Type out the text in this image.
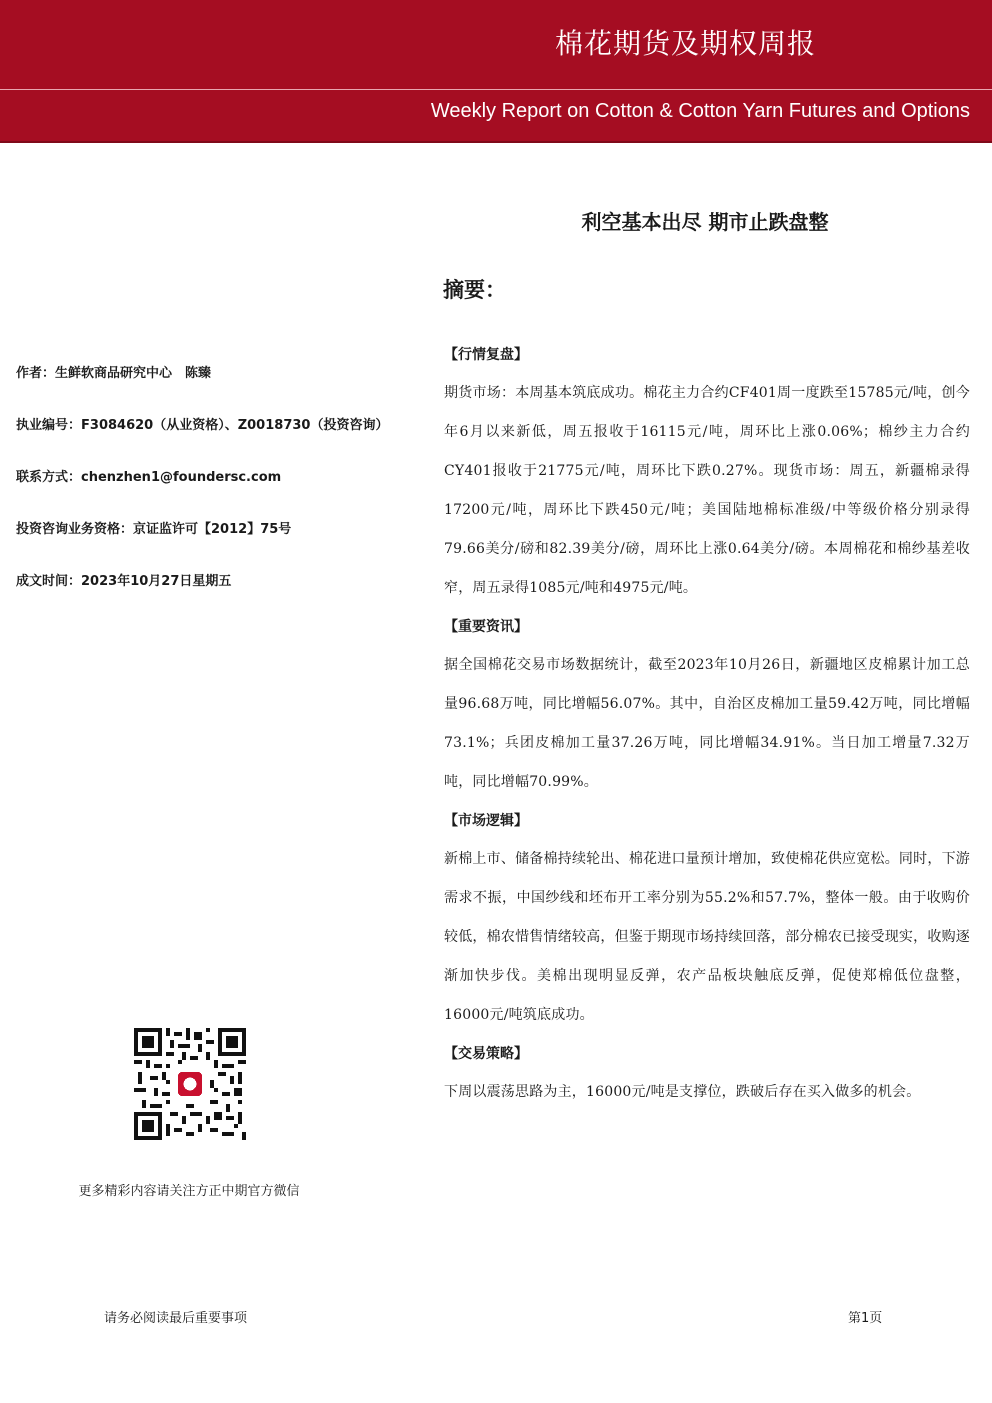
棉花期货及期权周报
Weekly Report on Cotton & Cotton Yarn Futures and Options
利空基本出尽 期市止跌盘整
摘要：
作者：生鲜软商品研究中心　陈臻
执业编号：F3084620（从业资格）、Z0018730（投资咨询）
联系方式：chenzhen1@foundersc.com
投资咨询业务资格：京证监许可【2012】75号
成文时间：2023年10月27日星期五
【行情复盘】

期货市场：本周基本筑底成功。棉花主力合约CF401周一度跌至15785元/吨，创今年6月以来新低，周五报收于16115元/吨，周环比上涨0.06%；棉纱主力合约CY401报收于21775元/吨，周环比下跌0.27%。现货市场：周五，新疆棉录得17200元/吨，周环比下跌450元/吨；美国陆地棉标准级/中等级价格分别录得79.66美分/磅和82.39美分/磅，周环比上涨0.64美分/磅。本周棉花和棉纱基差收窄，周五录得1085元/吨和4975元/吨。

【重要资讯】

据全国棉花交易市场数据统计，截至2023年10月26日，新疆地区皮棉累计加工总量96.68万吨，同比增幅56.07%。其中，自治区皮棉加工量59.42万吨，同比增幅73.1%；兵团皮棉加工量37.26万吨，同比增幅34.91%。当日加工增量7.32万吨，同比增幅70.99%。

【市场逻辑】

新棉上市、储备棉持续轮出、棉花进口量预计增加，致使棉花供应宽松。同时，下游需求不振，中国纱线和坯布开工率分别为55.2%和57.7%，整体一般。由于收购价较低，棉农惜售情绪较高，但鉴于期现市场持续回落，部分棉农已接受现实，收购逐渐加快步伐。美棉出现明显反弹，农产品板块触底反弹，促使郑棉低位盘整，16000元/吨筑底成功。

【交易策略】

下周以震荡思路为主，16000元/吨是支撑位，跌破后存在买入做多的机会。

更多精彩内容请关注方正中期官方微信
请务必阅读最后重要事项	第1页
